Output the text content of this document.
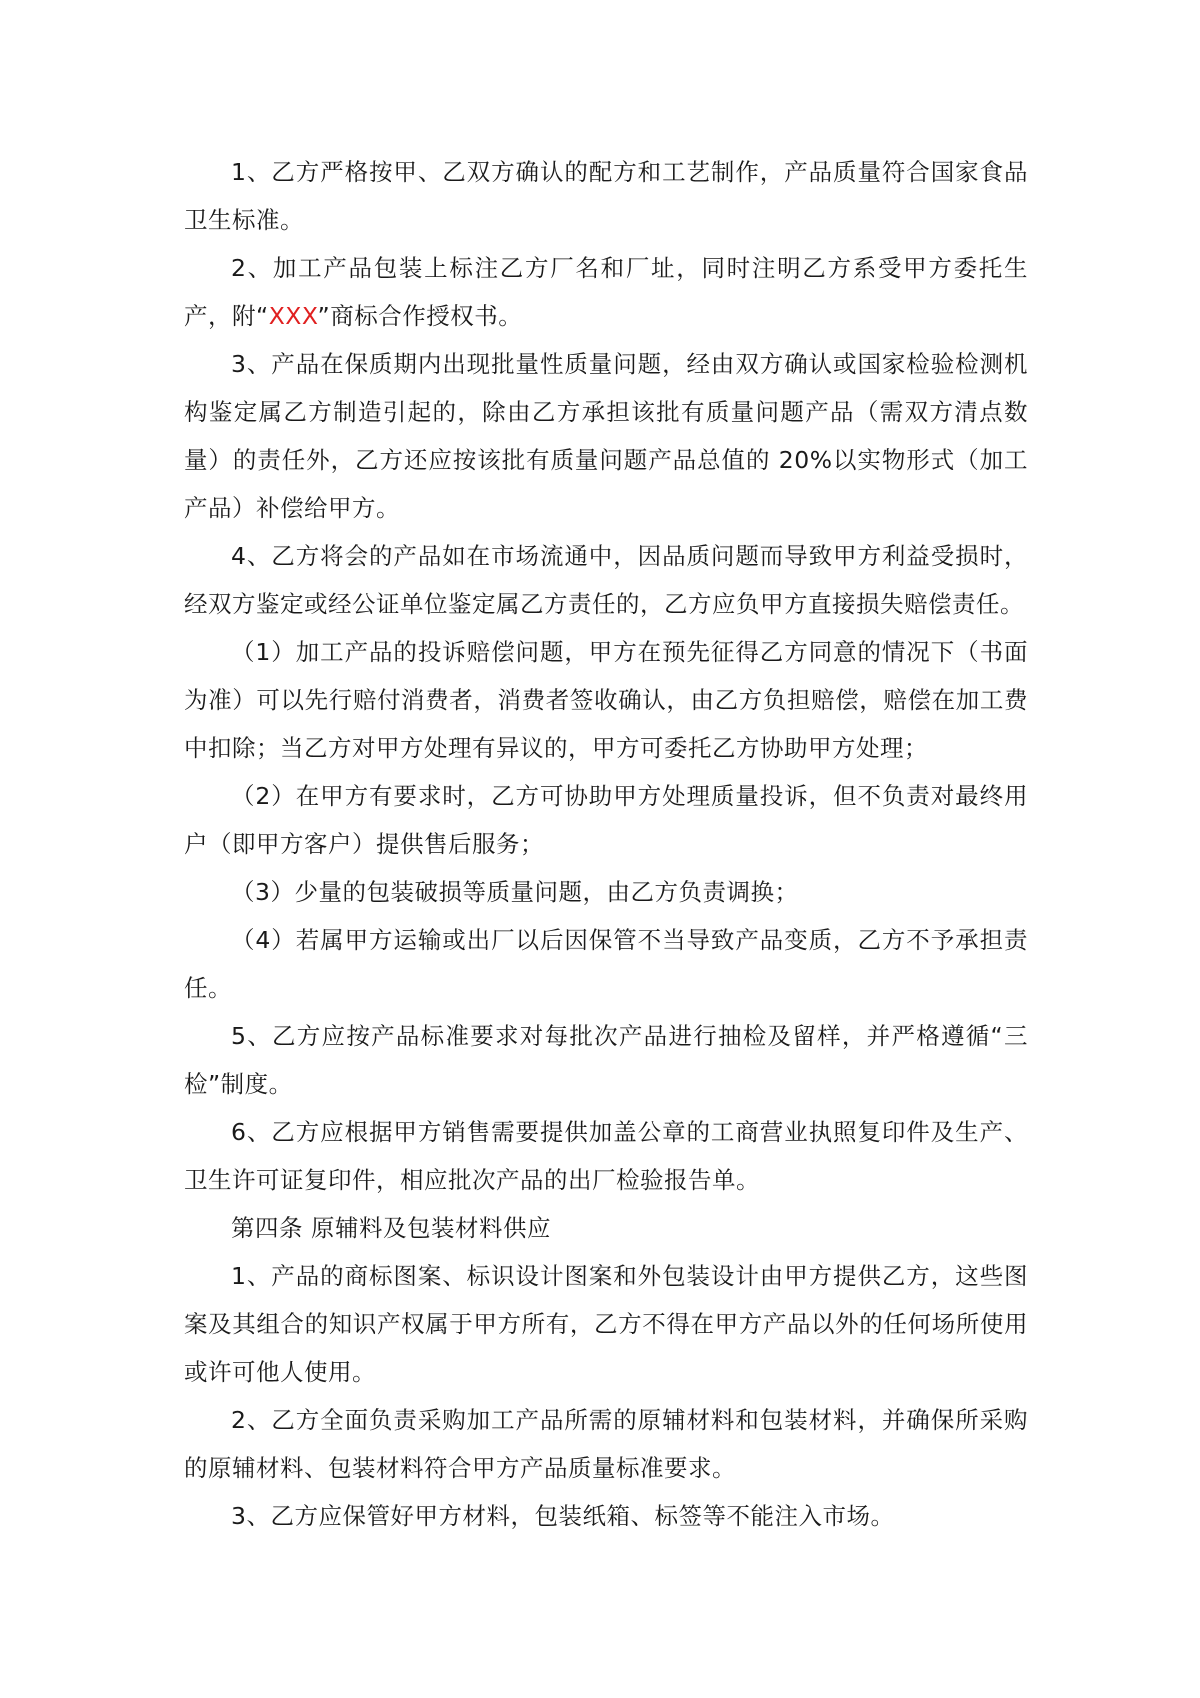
1、乙方严格按甲、乙双方确认的配方和工艺制作，产品质量符合国家食品卫生标准。

2、加工产品包装上标注乙方厂名和厂址，同时注明乙方系受甲方委托生产，附“XXX”商标合作授权书。

3、产品在保质期内出现批量性质量问题，经由双方确认或国家检验检测机构鉴定属乙方制造引起的，除由乙方承担该批有质量问题产品（需双方清点数量）的责任外，乙方还应按该批有质量问题产品总值的 20%以实物形式（加工产品）补偿给甲方。

4、乙方将会的产品如在市场流通中，因品质问题而导致甲方利益受损时，经双方鉴定或经公证单位鉴定属乙方责任的，乙方应负甲方直接损失赔偿责任。

（1）加工产品的投诉赔偿问题，甲方在预先征得乙方同意的情况下（书面为准）可以先行赔付消费者，消费者签收确认，由乙方负担赔偿，赔偿在加工费中扣除；当乙方对甲方处理有异议的，甲方可委托乙方协助甲方处理；

（2）在甲方有要求时，乙方可协助甲方处理质量投诉，但不负责对最终用户（即甲方客户）提供售后服务；

（3）少量的包装破损等质量问题，由乙方负责调换；

（4）若属甲方运输或出厂以后因保管不当导致产品变质，乙方不予承担责任。

5、乙方应按产品标准要求对每批次产品进行抽检及留样，并严格遵循“三检”制度。

6、乙方应根据甲方销售需要提供加盖公章的工商营业执照复印件及生产、卫生许可证复印件，相应批次产品的出厂检验报告单。

第四条 原辅料及包装材料供应

1、产品的商标图案、标识设计图案和外包装设计由甲方提供乙方，这些图案及其组合的知识产权属于甲方所有，乙方不得在甲方产品以外的任何场所使用或许可他人使用。

2、乙方全面负责采购加工产品所需的原辅材料和包装材料，并确保所采购的原辅材料、包装材料符合甲方产品质量标准要求。

3、乙方应保管好甲方材料，包装纸箱、标签等不能注入市场。
